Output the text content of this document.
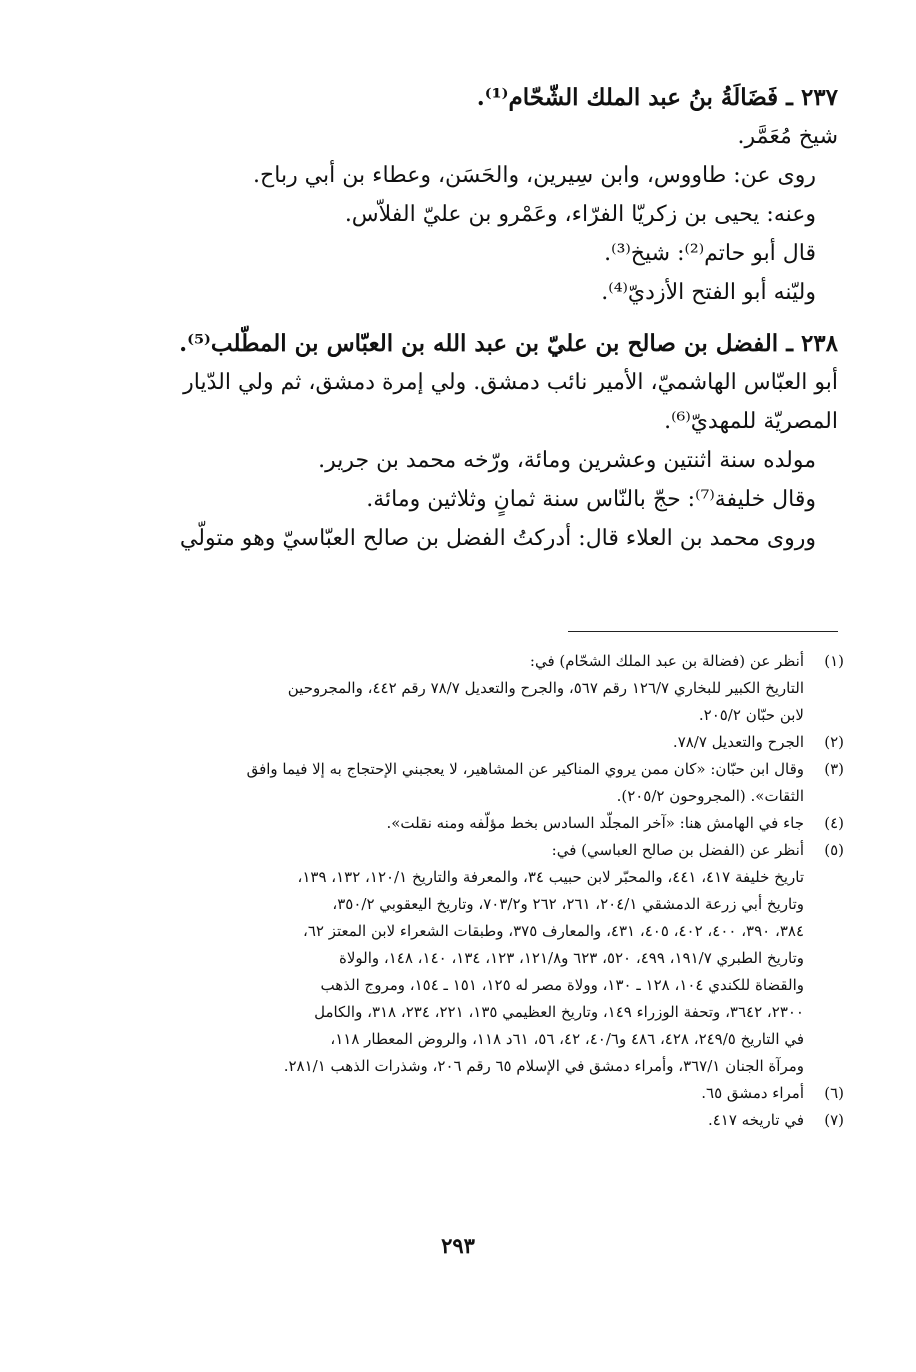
٢٣٧ ـ فَضَالَةُ بنُ عبد الملك الشّحّام⁽¹⁾.
شيخ مُعَمَّر.
روى عن: طاووس، وابن سِيرين، والحَسَن، وعطاء بن أبي رباح.
وعنه: يحيى بن زكريّا الفرّاء، وعَمْرو بن عليّ الفلاّس.
قال أبو حاتم⁽²⁾: شيخ⁽³⁾.
وليّنه أبو الفتح الأزديّ⁽⁴⁾.
٢٣٨ ـ الفضل بن صالح بن عليّ بن عبد الله بن العبّاس بن المطّلب⁽⁵⁾.
أبو العبّاس الهاشميّ، الأمير نائب دمشق. ولي إمرة دمشق، ثم ولي الدّيار
المصريّة للمهديّ⁽⁶⁾.
مولده سنة اثنتين وعشرين ومائة، ورّخه محمد بن جرير.
وقال خليفة⁽⁷⁾: حجّ بالنّاس سنة ثمانٍ وثلاثين ومائة.
وروى محمد بن العلاء قال: أدركتُ الفضل بن صالح العبّاسيّ وهو متولّي
(١)
أنظر عن (فضالة بن عبد الملك الشحّام) في:
التاريخ الكبير للبخاري ١٢٦/٧ رقم ٥٦٧، والجرح والتعديل ٧٨/٧ رقم ٤٤٢، والمجروحين
لابن حبّان ٢٠٥/٢.
(٢)
الجرح والتعديل ٧٨/٧.
(٣)
وقال ابن حبّان: «كان ممن يروي المناكير عن المشاهير، لا يعجبني الإحتجاج به إلا فيما وافق
الثقات». (المجروحون ٢٠٥/٢).
(٤)
جاء في الهامش هنا: «آخر المجلّد السادس بخط مؤلّفه ومنه نقلت».
(٥)
أنظر عن (الفضل بن صالح العباسي) في:
تاريخ خليفة ٤١٧، ٤٤١، والمحبّر لابن حبيب ٣٤، والمعرفة والتاريخ ١٢٠/١، ١٣٢، ١٣٩،
وتاريخ أبي زرعة الدمشقي ٢٠٤/١، ٢٦١، ٢٦٢ و٧٠٣/٢، وتاريخ اليعقوبي ٣٥٠/٢،
٣٨٤، ٣٩٠، ٤٠٠، ٤٠٢، ٤٠٥، ٤٣١، والمعارف ٣٧٥، وطبقات الشعراء لابن المعتز ٦٢،
وتاريخ الطبري ١٩١/٧، ٤٩٩، ٥٢٠، ٦٢٣ و١٢١/٨، ١٢٣، ١٣٤، ١٤٠، ١٤٨، والولاة
والقضاة للكندي ١٠٤، ١٢٨ ـ ١٣٠، وولاة مصر له ١٢٥، ١٥١ ـ ١٥٤، ومروج الذهب
٢٣٠٠، ٣٦٤٢، وتحفة الوزراء ١٤٩، وتاريخ العظيمي ١٣٥، ٢٢١، ٢٣٤، ٣١٨، والكامل
في التاريخ ٢٤٩/٥، ٤٢٨، ٤٨٦ و٤٠/٦، ٤٢، ٥٦، ٦١د ١١٨، والروض المعطار ١١٨،
ومرآة الجنان ٣٦٧/١، وأمراء دمشق في الإسلام ٦٥ رقم ٢٠٦، وشذرات الذهب ٢٨١/١.
(٦)
أمراء دمشق ٦٥.
(٧)
في تاريخه ٤١٧.
٢٩٣
